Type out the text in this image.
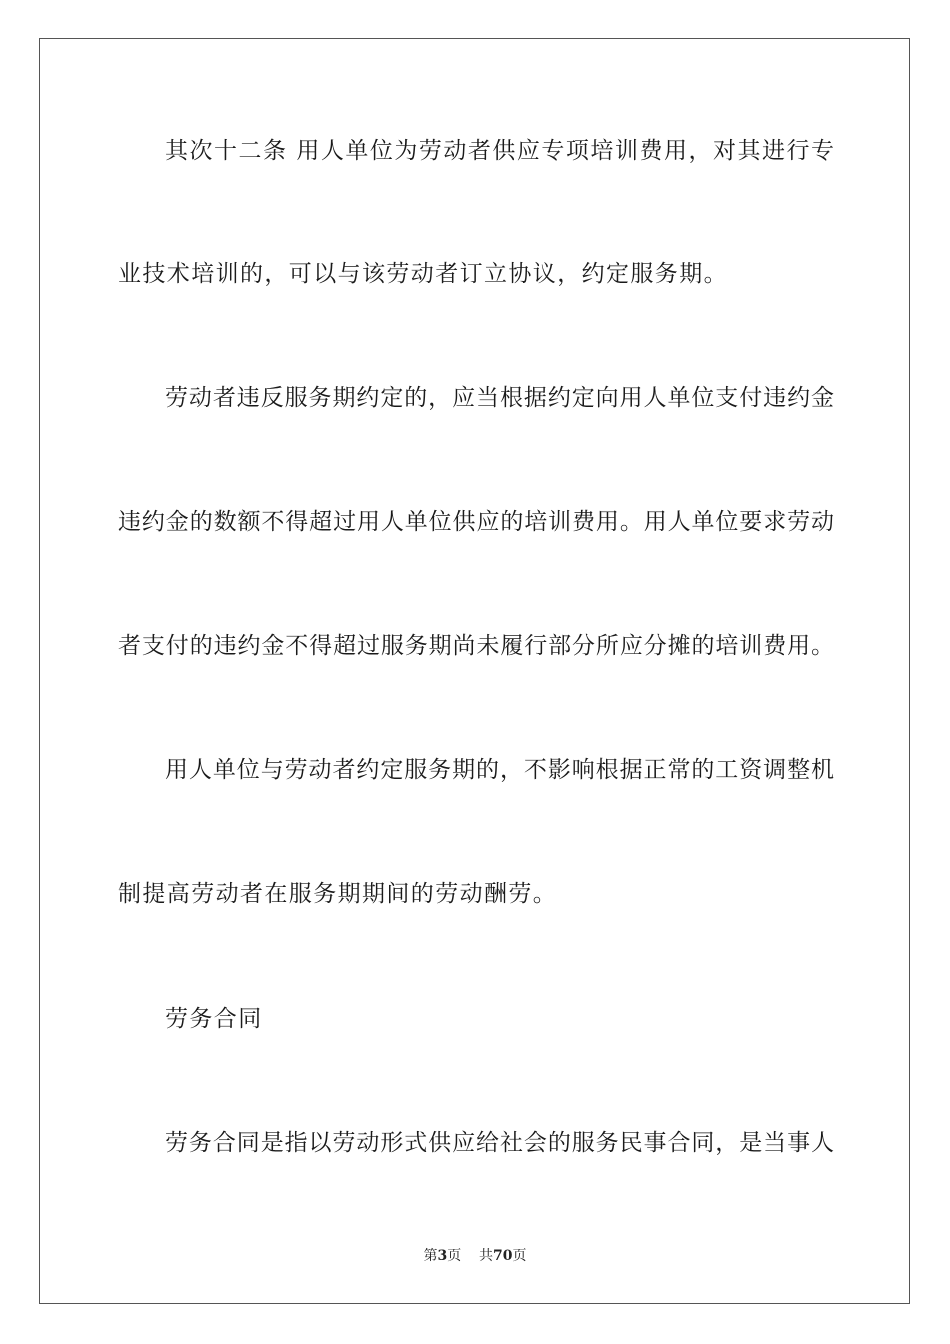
其次十二条 用人单位为劳动者供应专项培训费用，对其进行专
业技术培训的，可以与该劳动者订立协议，约定服务期。
劳动者违反服务期约定的，应当根据约定向用人单位支付违约金
违约金的数额不得超过用人单位供应的培训费用。用人单位要求劳动
者支付的违约金不得超过服务期尚未履行部分所应分摊的培训费用。
用人单位与劳动者约定服务期的，不影响根据正常的工资调整机
制提高劳动者在服务期期间的劳动酬劳。
劳务合同
劳务合同是指以劳动形式供应给社会的服务民事合同，是当事人
第3页 共70页
